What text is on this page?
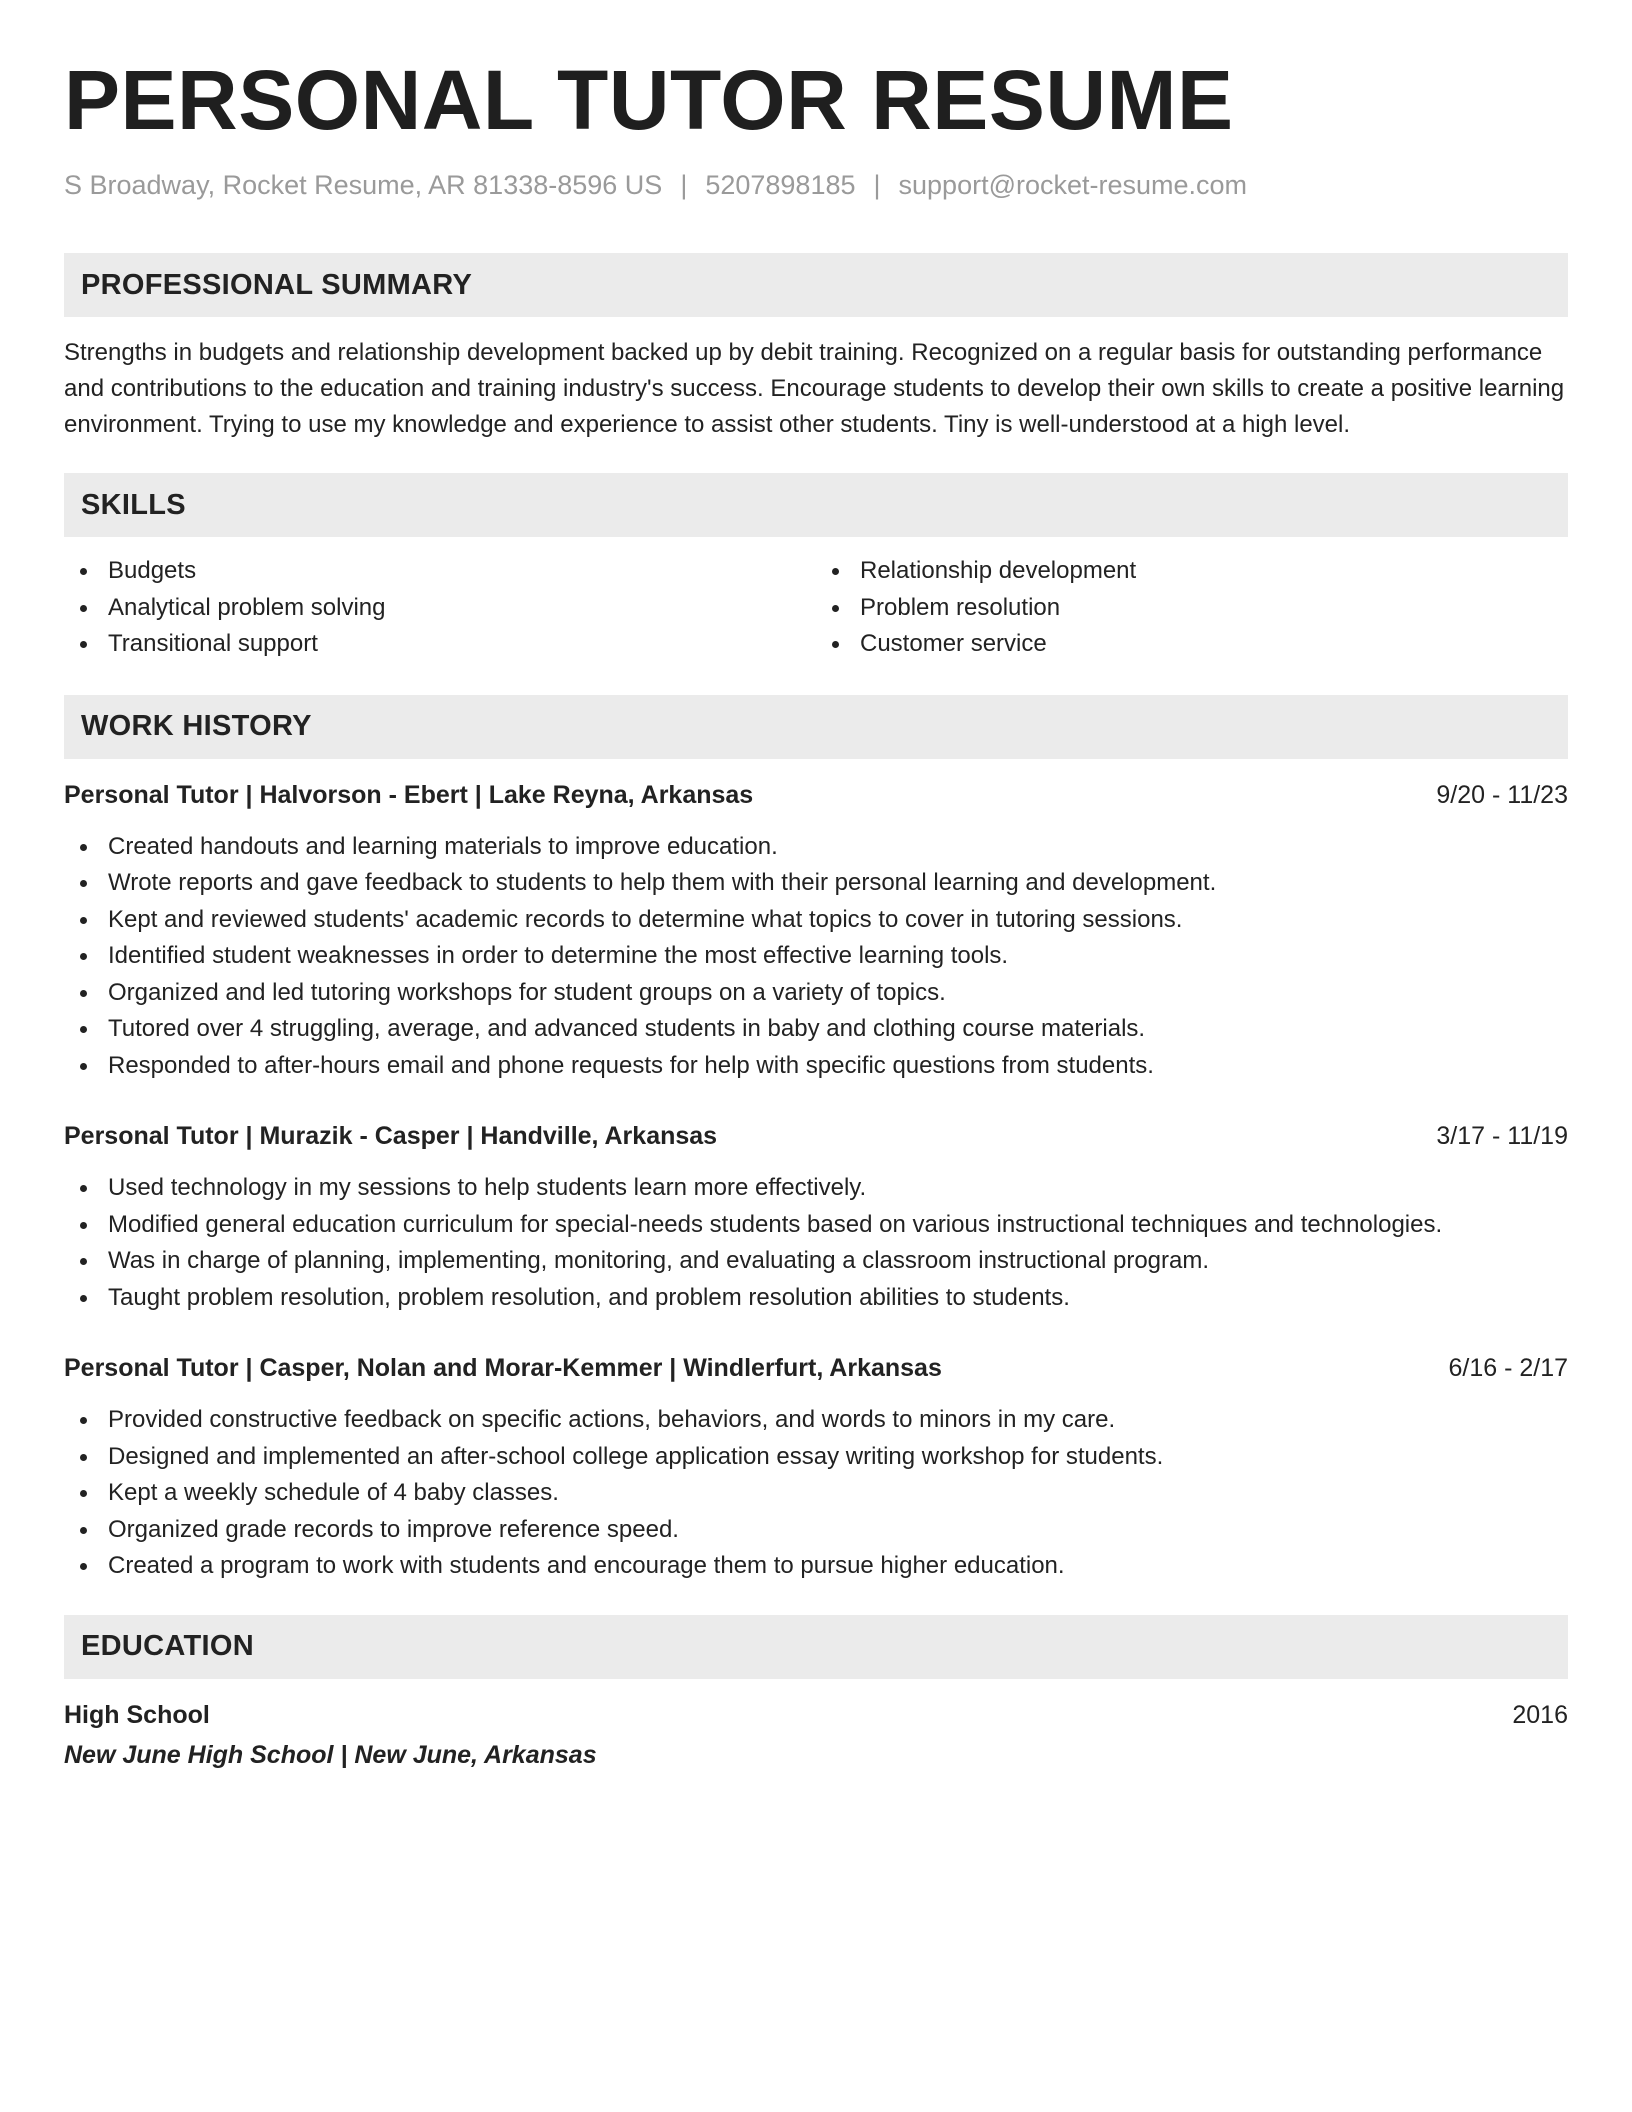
PERSONAL TUTOR RESUME
S Broadway, Rocket Resume, AR 81338-8596 US | 5207898185 | support@rocket-resume.com
PROFESSIONAL SUMMARY

Strengths in budgets and relationship development backed up by debit training. Recognized on a regular basis for outstanding performance and contributions to the education and training industry's success. Encourage students to develop their own skills to create a positive learning environment. Trying to use my knowledge and experience to assist other students. Tiny is well-understood at a high level.

SKILLS
Budgets
Analytical problem solving
Transitional support
Relationship development
Problem resolution
Customer service
WORK HISTORY
Personal Tutor | Halvorson - Ebert | Lake Reyna, Arkansas	9/20 - 11/23
Created handouts and learning materials to improve education.
Wrote reports and gave feedback to students to help them with their personal learning and development.
Kept and reviewed students' academic records to determine what topics to cover in tutoring sessions.
Identified student weaknesses in order to determine the most effective learning tools.
Organized and led tutoring workshops for student groups on a variety of topics.
Tutored over 4 struggling, average, and advanced students in baby and clothing course materials.
Responded to after-hours email and phone requests for help with specific questions from students.
Personal Tutor | Murazik - Casper | Handville, Arkansas	3/17 - 11/19
Used technology in my sessions to help students learn more effectively.
Modified general education curriculum for special-needs students based on various instructional techniques and technologies.
Was in charge of planning, implementing, monitoring, and evaluating a classroom instructional program.
Taught problem resolution, problem resolution, and problem resolution abilities to students.
Personal Tutor | Casper, Nolan and Morar-Kemmer | Windlerfurt, Arkansas	6/16 - 2/17
Provided constructive feedback on specific actions, behaviors, and words to minors in my care.
Designed and implemented an after-school college application essay writing workshop for students.
Kept a weekly schedule of 4 baby classes.
Organized grade records to improve reference speed.
Created a program to work with students and encourage them to pursue higher education.
EDUCATION
High School	2016
New June High School | New June, Arkansas
